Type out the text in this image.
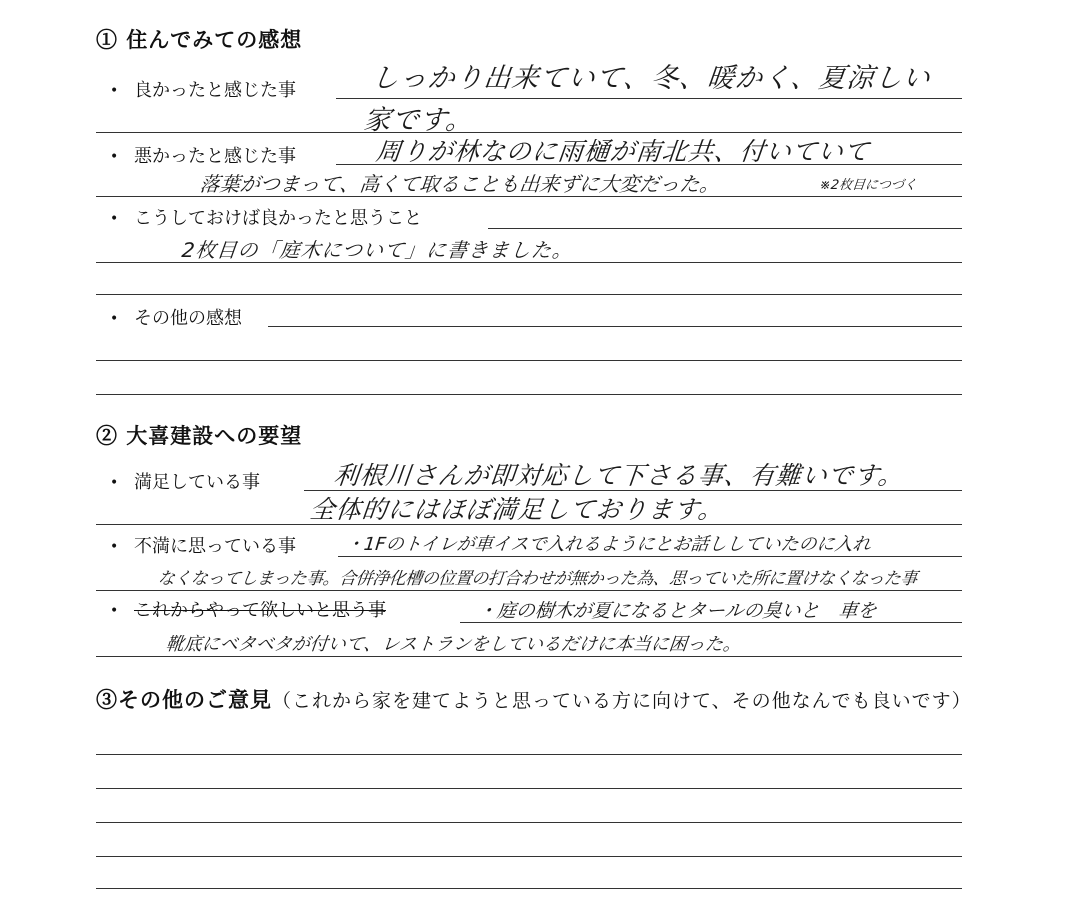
① 住んでみての感想
• 良かったと感じた事	しっかり出来ていて、冬、暖かく、夏涼しい
家です。
• 悪かったと感じた事	周りが林なのに雨樋が南北共、付いていて
落葉がつまって、高くて取ることも出来ずに大変だった。	※2枚目につづく
• こうしておけば良かったと思うこと
2枚目の「庭木について」に書きました。
• その他の感想
② 大喜建設への要望
• 満足している事	利根川さんが即対応して下さる事、有難いです。
全体的にはほぼ満足しております。
• 不満に思っている事	・1Fのトイレが車イスで入れるようにとお話ししていたのに入れ
なくなってしまった事。合併浄化槽の位置の打合わせが無かった為、思っていた所に置けなくなった事
• これからやって欲しいと思う事	・庭の樹木が夏になるとタールの臭いと　車を
靴底にベタベタが付いて、レストランをしているだけに本当に困った。
③その他のご意見（これから家を建てようと思っている方に向けて、その他なんでも良いです）
